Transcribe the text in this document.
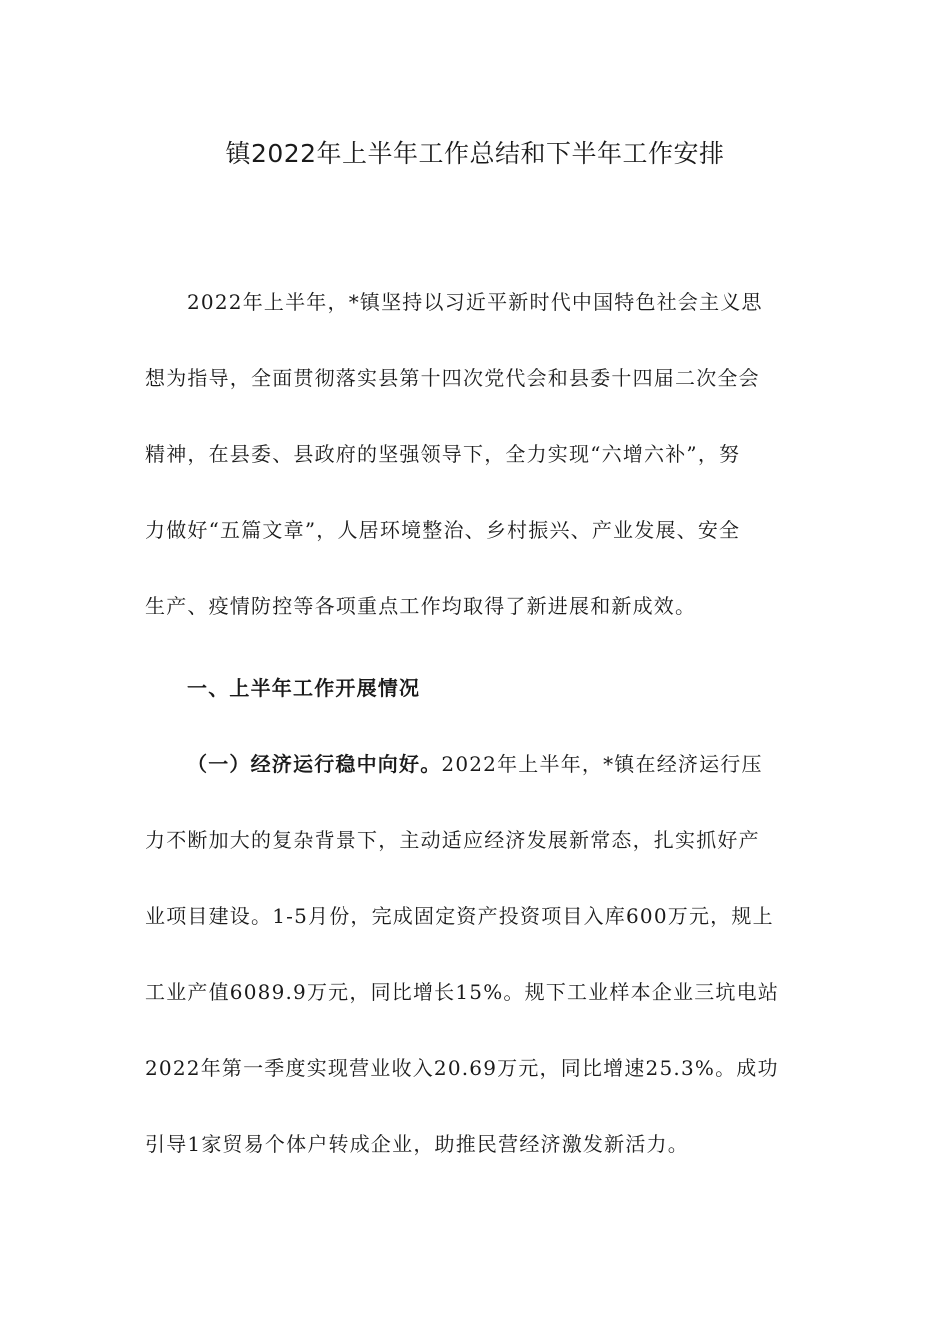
镇2022年上半年工作总结和下半年工作安排
2022年上半年，*镇坚持以习近平新时代中国特色社会主义思
想为指导，全面贯彻落实县第十四次党代会和县委十四届二次全会
精神，在县委、县政府的坚强领导下，全力实现“六增六补”，努
力做好“五篇文章”，人居环境整治、乡村振兴、产业发展、安全
生产、疫情防控等各项重点工作均取得了新进展和新成效。
一、上半年工作开展情况
（一）经济运行稳中向好。2022年上半年，*镇在经济运行压
力不断加大的复杂背景下，主动适应经济发展新常态，扎实抓好产
业项目建设。1-5月份，完成固定资产投资项目入库600万元，规上
工业产值6089.9万元，同比增长15%。规下工业样本企业三坑电站
2022年第一季度实现营业收入20.69万元，同比增速25.3%。成功
引导1家贸易个体户转成企业，助推民营经济激发新活力。
